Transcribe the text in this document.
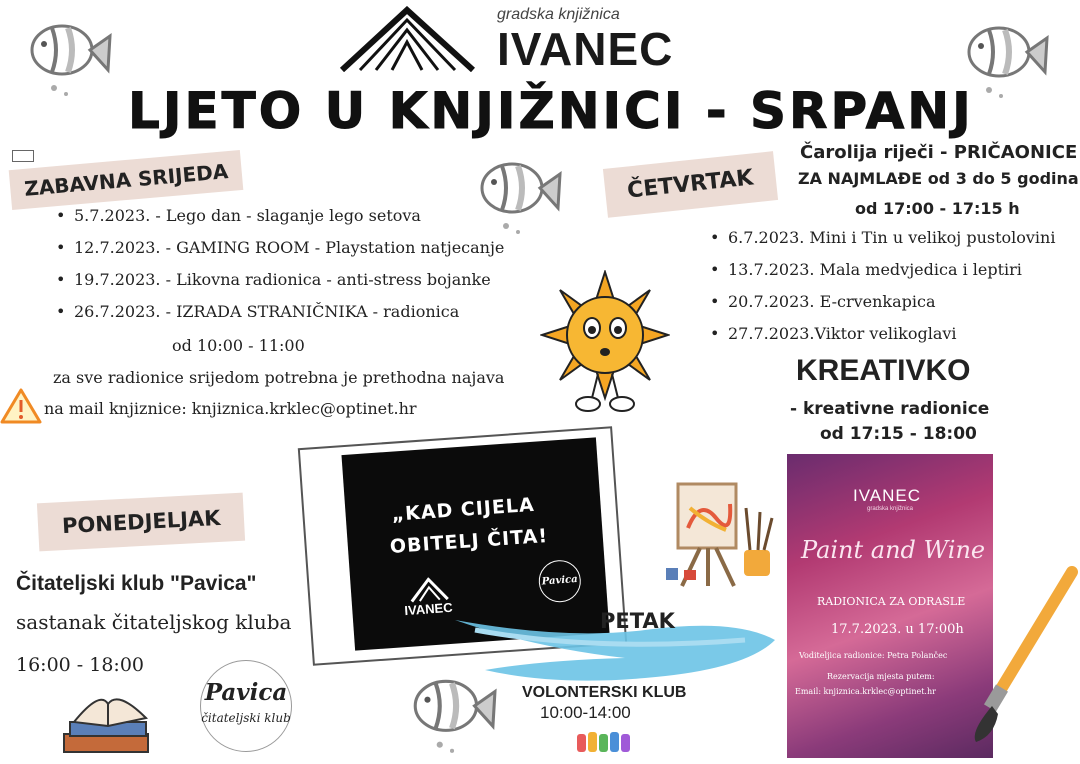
gradska knjižnica
IVANEC
LJETO U KNJIŽNICI - SRPANJ
ZABAVNA SRIJEDA
• 5.7.2023. - Lego dan - slaganje lego setova
• 12.7.2023. - GAMING ROOM - Playstation natjecanje
• 19.7.2023. - Likovna radionica - anti-stress bojanke
• 26.7.2023. - IZRADA STRANIČNIKA - radionica
od 10:00 - 11:00
za sve radionice srijedom potrebna je prethodna najava
na mail knjiznice: knjiznica.krklec@optinet.hr
ČETVRTAK
Čarolija riječi - PRIČAONICE
ZA NAJMLAĐE od 3 do 5 godina
od 17:00 - 17:15 h
• 6.7.2023. Mini i Tin u velikoj pustolovini
• 13.7.2023. Mala medvjedica i leptiri
• 20.7.2023. E-crvenkapica
• 27.7.2023.Viktor velikoglavi
KREATIVKO
- kreativne radionice
od 17:15 - 18:00
„KAD CIJELA
OBITELJ ČITA!
IVANEC
Pavica
PETAK
VOLONTERSKI KLUB
10:00-14:00
IVANEC
gradska knjižnica
Paint and Wine
RADIONICA ZA ODRASLE
17.7.2023. u 17:00h
Voditeljica radionice: Petra Polančec
Rezervacija mjesta putem:
Email: knjiznica.krklec@optinet.hr
PONEDJELJAK
Čitateljski klub "Pavica"
sastanak čitateljskog kluba
16:00 - 18:00
Pavica
čitateljski klub
